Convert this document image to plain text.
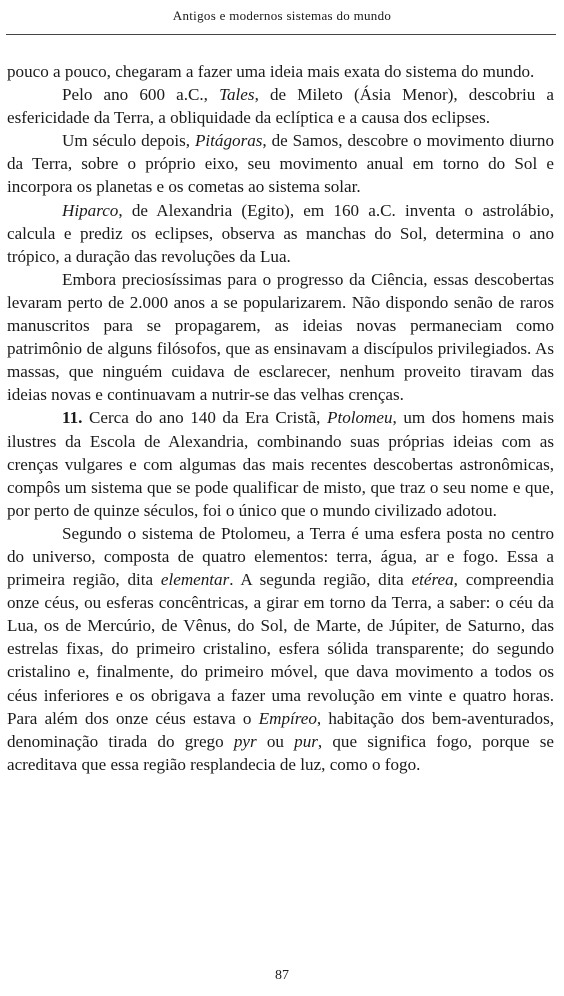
Antigos e modernos sistemas do mundo

pouco a pouco, chegaram a fazer uma ideia mais exata do sistema do mundo.

Pelo ano 600 a.C., Tales, de Mileto (Ásia Menor), descobriu a esfericidade da Terra, a obliquidade da eclíptica e a causa dos eclipses.

Um século depois, Pitágoras, de Samos, descobre o movimento diurno da Terra, sobre o próprio eixo, seu movimento anual em torno do Sol e incorpora os planetas e os cometas ao sistema solar.

Hiparco, de Alexandria (Egito), em 160 a.C. inventa o astrolábio, calcula e prediz os eclipses, observa as manchas do Sol, determina o ano trópico, a duração das revoluções da Lua.

Embora preciosíssimas para o progresso da Ciência, essas descobertas levaram perto de 2.000 anos a se popularizarem. Não dispondo senão de raros manuscritos para se propagarem, as ideias novas permaneciam como patrimônio de alguns filósofos, que as ensinavam a discípulos privilegiados. As massas, que ninguém cuidava de esclarecer, nenhum proveito tiravam das ideias novas e continuavam a nutrir-se das velhas crenças.

11. Cerca do ano 140 da Era Cristã, Ptolomeu, um dos homens mais ilustres da Escola de Alexandria, combinando suas próprias ideias com as crenças vulgares e com algumas das mais recentes descobertas astronômicas, compôs um sistema que se pode qualificar de misto, que traz o seu nome e que, por perto de quinze séculos, foi o único que o mundo civilizado adotou.

Segundo o sistema de Ptolomeu, a Terra é uma esfera posta no centro do universo, composta de quatro elementos: terra, água, ar e fogo. Essa a primeira região, dita elementar. A segunda região, dita etérea, compreendia onze céus, ou esferas concêntricas, a girar em torno da Terra, a saber: o céu da Lua, os de Mercúrio, de Vênus, do Sol, de Marte, de Júpiter, de Saturno, das estrelas fixas, do primeiro cristalino, esfera sólida transparente; do segundo cristalino e, finalmente, do primeiro móvel, que dava movimento a todos os céus inferiores e os obrigava a fazer uma revolução em vinte e quatro horas. Para além dos onze céus estava o Empíreo, habitação dos bem-aventurados, denominação tirada do grego pyr ou pur, que significa fogo, porque se acreditava que essa região resplandecia de luz, como o fogo.

87
